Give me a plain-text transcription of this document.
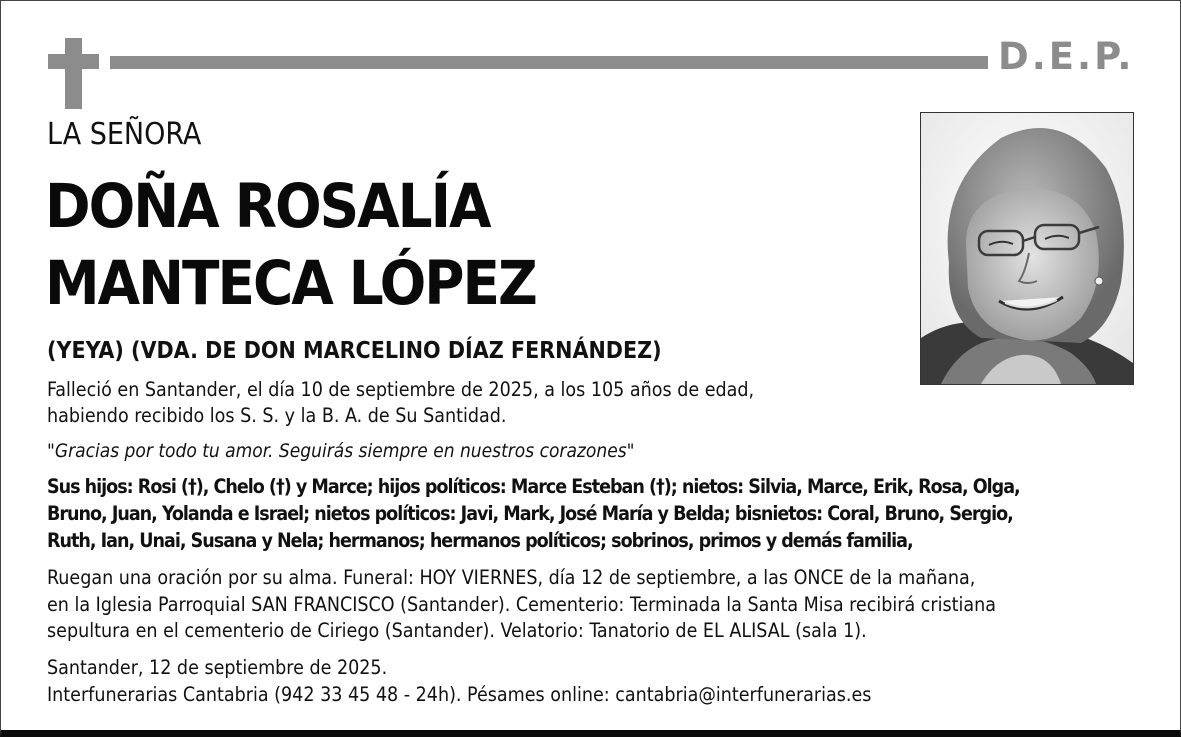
D.E.P.
LA SEÑORA
DOÑA ROSALÍA
MANTECA LÓPEZ
(YEYA) (VDA. DE DON MARCELINO DÍAZ FERNÁNDEZ)
Falleció en Santander, el día 10 de septiembre de 2025, a los 105 años de edad,
habiendo recibido los S. S. y la B. A. de Su Santidad.
"Gracias por todo tu amor. Seguirás siempre en nuestros corazones"
Sus hijos: Rosi (†), Chelo (†) y Marce; hijos políticos: Marce Esteban (†); nietos: Silvia, Marce, Erik, Rosa, Olga,
Bruno, Juan, Yolanda e Israel; nietos políticos: Javi, Mark, José María y Belda; bisnietos: Coral, Bruno, Sergio,
Ruth, Ian, Unai, Susana y Nela; hermanos; hermanos políticos; sobrinos, primos y demás familia,
Ruegan una oración por su alma. Funeral: HOY VIERNES, día 12 de septiembre, a las ONCE de la mañana,
en la Iglesia Parroquial SAN FRANCISCO (Santander). Cementerio: Terminada la Santa Misa recibirá cristiana
sepultura en el cementerio de Ciriego (Santander). Velatorio: Tanatorio de EL ALISAL (sala 1).
Santander, 12 de septiembre de 2025.
Interfunerarias Cantabria (942 33 45 48 - 24h). Pésames online: cantabria@interfunerarias.es
